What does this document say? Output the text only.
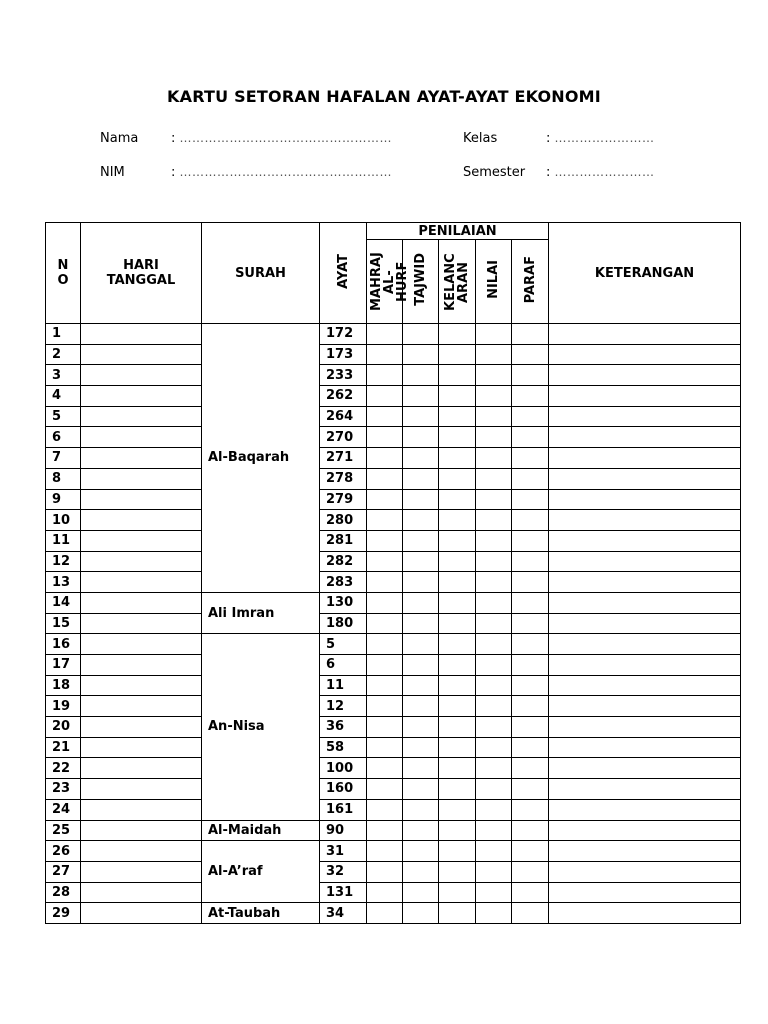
KARTU SETORAN HAFALAN AYAT-AYAT EKONOMI
Nama	: ……………………………………………	Kelas	: ……………………
NIM	: ……………………………………………	Semester : ……………………
N O	HARI TANGGAL	SURAH	AYAT	PENILAIAN					KETERANGAN

				MAHRAJ AL-HURF	TAJWID	KELANCARAN	NILAI	PARAF	
1		Al-Baqarah	172						
2			173						
3			233						
4			262						
5			264						
6			270						
7			271						
8			278						
9			279						
10			280						
11			281						
12			282						
13			283						
14		Ali Imran	130						
15			180						
16		An-Nisa	5						
17			6						
18			11						
19			12						
20			36						
21			58						
22			100						
23			160						
24			161						
25		Al-Maidah	90						
26		Al-A’raf	31						
27			32						
28			131						
29		At-Taubah	34						
